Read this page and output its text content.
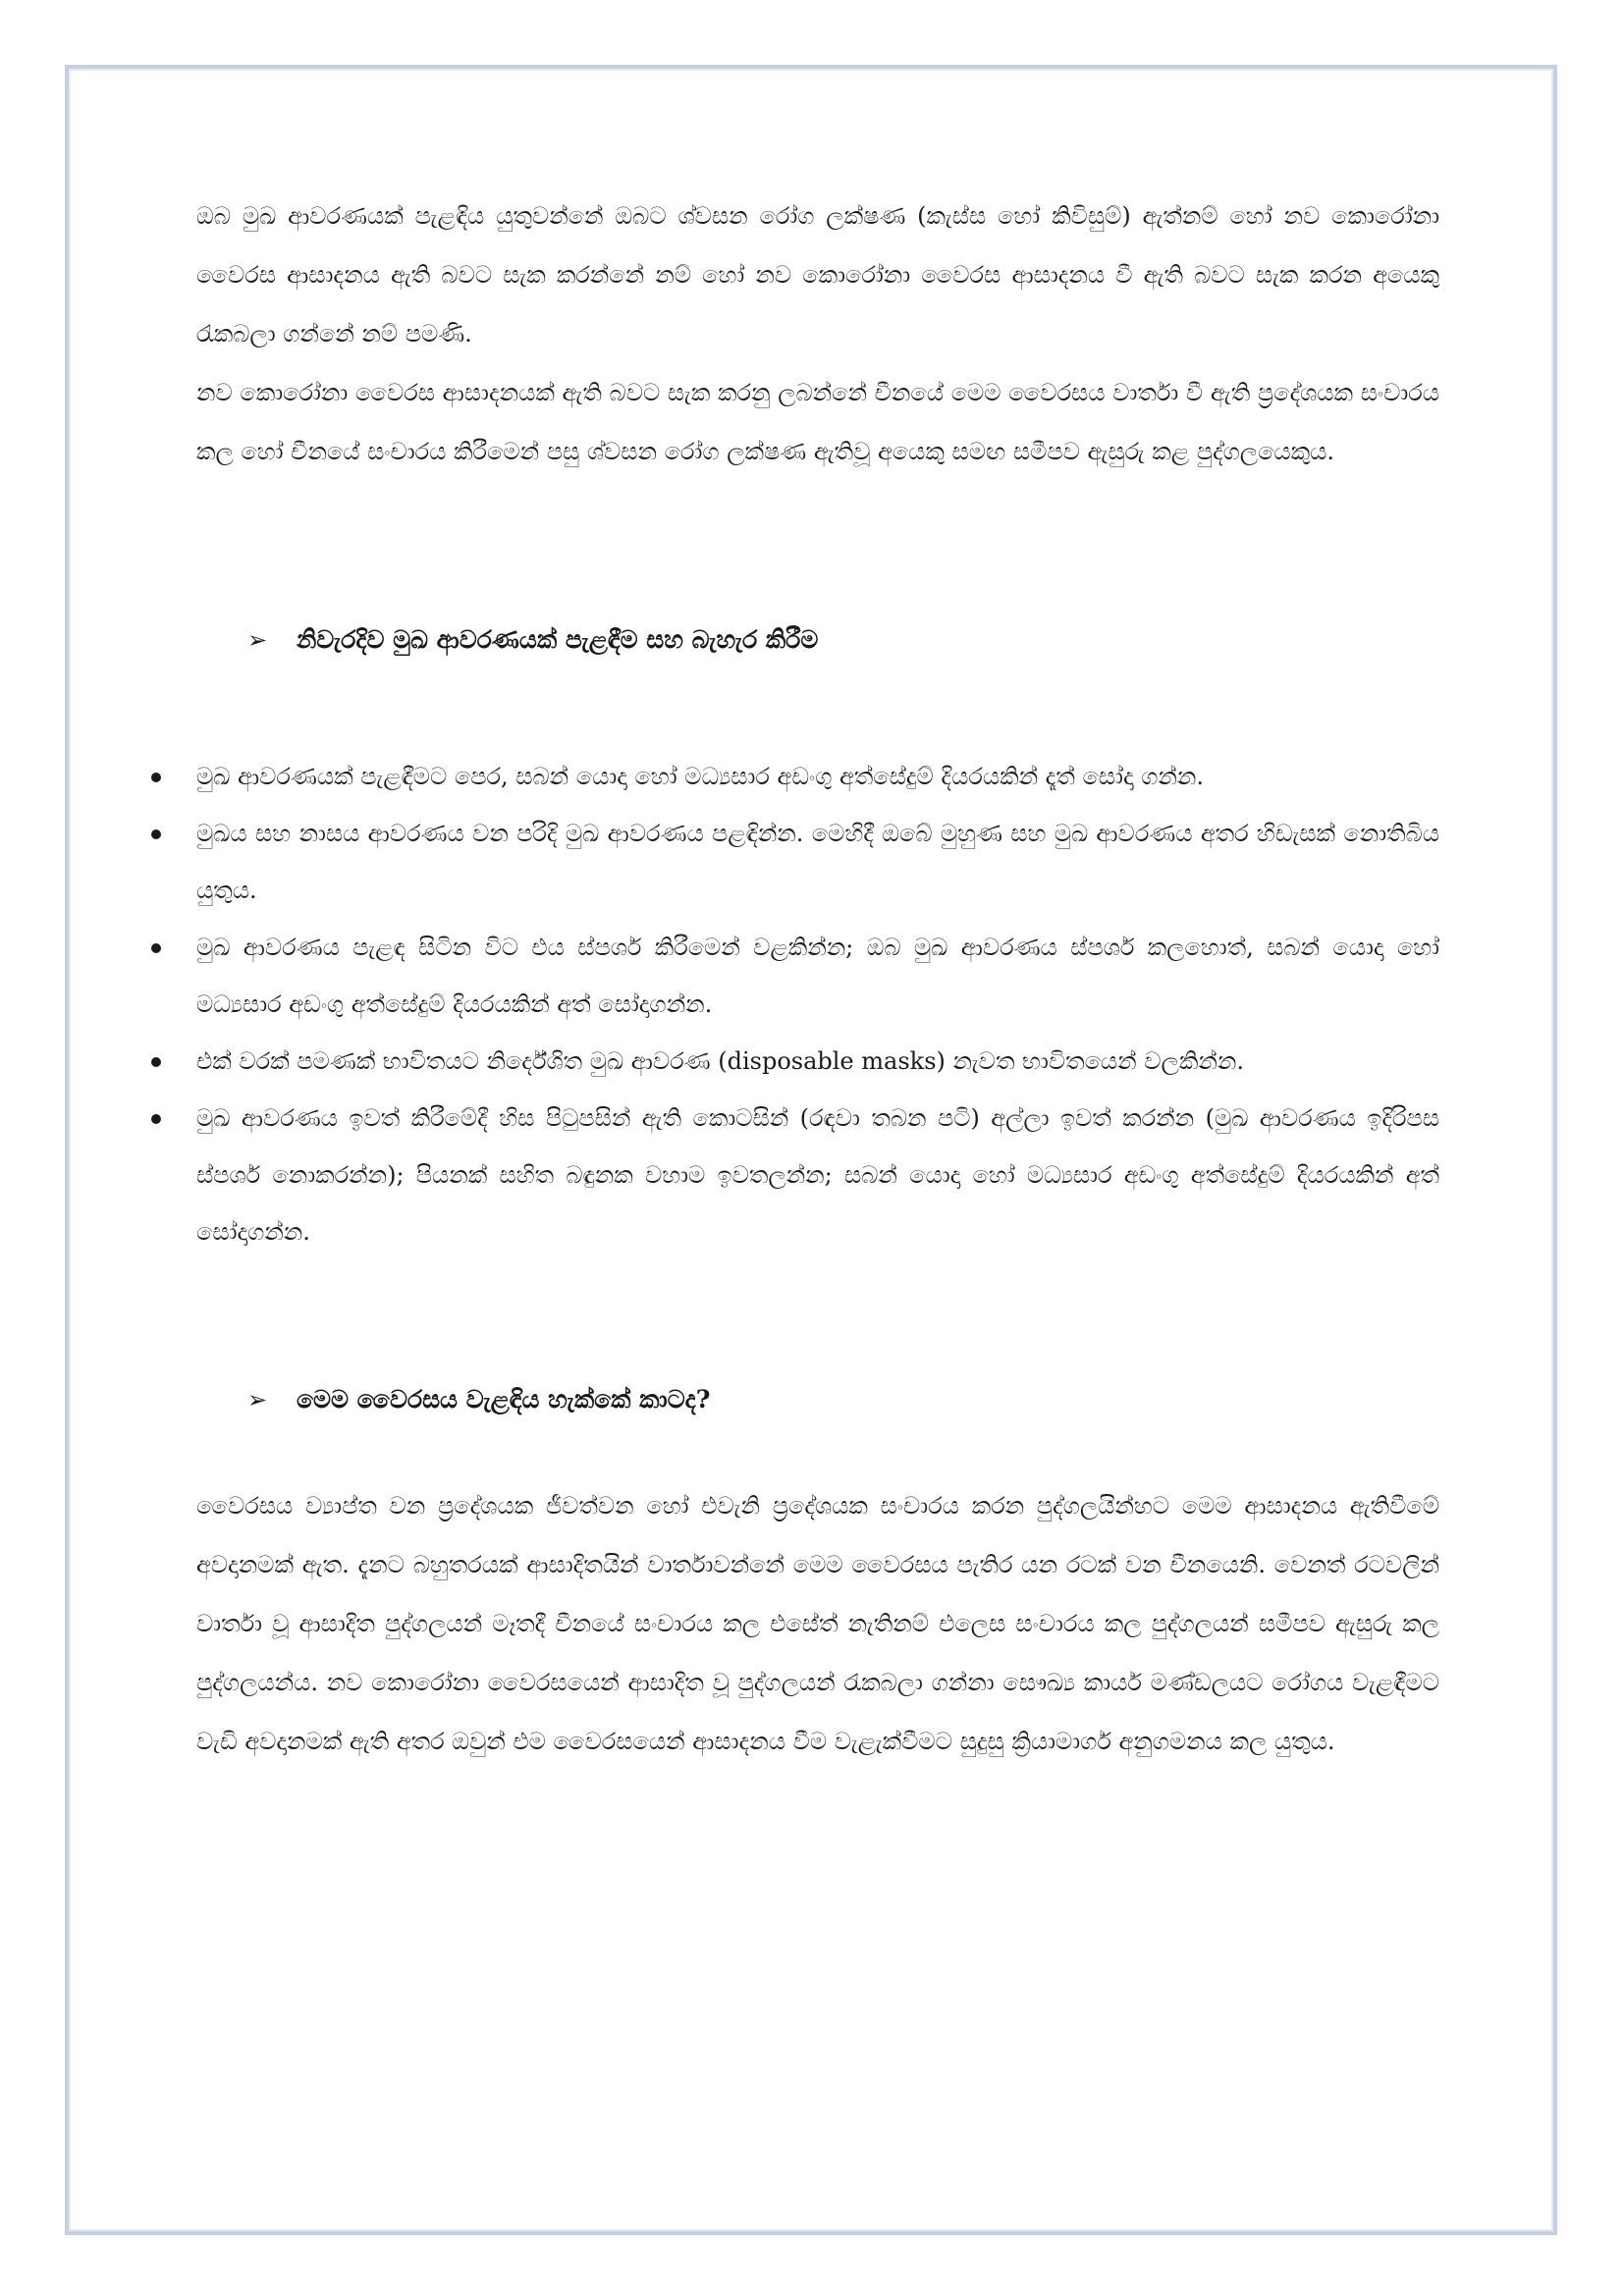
ඔබ මුඛ ආවරණයක් පැළඳිය යුතුවන්නේ ඔබට ශ්වසන රෝග ලක්ෂණ (කැස්ස හෝ කිවිසුම්) ඇත්නම් හෝ නව කොරෝනා වෛරස ආසාදනය ඇති බවට සැක කරන්නේ නම් හෝ නව කොරෝනා වෛරස ආසාදනය වී ඇති බවට සැක කරන අයෙකු රැකබලා ගන්නේ නම් පමණි.

නව කොරෝනා වෛරස ආසාදනයක් ඇති බවට සැක කරනු ලබන්නේ චීනයේ මෙම වෛරසය වාර්තා වී ඇති ප්‍රදේශයක සංචාරය කල හෝ චීනයේ සංචාරය කිරීමෙන් පසු ශ්වසන රෝග ලක්ෂණ ඇතිවූ අයෙකු සමඟ සමීපව ඇසුරු කළ පුද්ගලයෙකුය.

➢ නිවැරදිව මුඛ ආවරණයක් පැළඳීම සහ බැහැර කිරීම
මුඛ ආවරණයක් පැළඳීමට පෙර, සබන් යොදා හෝ මධ්‍යසාර අඩංගු අත්සේදුම් දියරයකින් දෑත් සෝදා ගන්න.
මුඛය සහ නාසය ආවරණය වන පරිදි මුඛ ආවරණය පළඳින්න. මෙහිදී ඔබේ මුහුණ සහ මුඛ ආවරණය අතර හිඩැසක් නොතිබිය යුතුය.
මුඛ ආවරණය පැළඳ සිටින විට එය ස්පර්ශ කිරීමෙන් වළකින්න; ඔබ මුඛ ආවරණය ස්පර්ශ කලහොත්, සබන් යොදා හෝ මධ්‍යසාර අඩංගු අත්සේදුම් දියරයකින් අත් සෝදාගන්න.
එක් වරක් පමණක් භාවිතයට නිර්දේශිත මුඛ ආවරණ (disposable masks) නැවත භාවිතයෙන් වලකින්න.
මුඛ ආවරණය ඉවත් කිරීමේදී හිස පිටුපසින් ඇති කොටසින් (රඳවා තබන පටි) අල්ලා ඉවත් කරන්න (මුඛ ආවරණය ඉදිරිපස ස්පර්ශ නොකරන්න); පියනක් සහිත බඳුනක වහාම ඉවතලන්න; සබන් යොදා හෝ මධ්‍යසාර අඩංගු අත්සේදුම් දියරයකින් අත් සෝදාගන්න.
➢ මෙම වෛරසය වැළඳිය හැක්කේ කාටද?

වෛරසය ව්‍යාප්ත වන ප්‍රදේශයක ජීවත්වන හෝ එවැනි ප්‍රදේශයක සංචාරය කරන පුද්ගලයින්හට මෙම ආසාදනය ඇතිවීමේ අවදානමක් ඇත. දැනට බහුතරයක් ආසාදිතයින් වාර්තාවන්නේ මෙම වෛරසය පැතිර යන රටක් වන චීනයෙනි. වෙනත් රටවලින් වාර්තා වූ ආසාදිත පුද්ගලයන් මෑතදී චීනයේ සංචාරය කල එසේත් නැතිනම් එලෙස සංචාරය කල පුද්ගලයන් සමීපව ඇසුරු කල පුද්ගලයන්ය. නව කොරෝනා වෛරසයෙන් ආසාදිත වූ පුද්ගලයන් රැකබලා ගන්නා සෞඛ්‍ය කාර්ය මණ්ඩලයට රෝගය වැළඳීමට වැඩි අවදානමක් ඇති අතර ඔවුන් එම වෛරසයෙන් ආසාදනය වීම වැළැක්වීමට සුදුසු ක්‍රියාමාර්ග අනුගමනය කල යුතුය.
